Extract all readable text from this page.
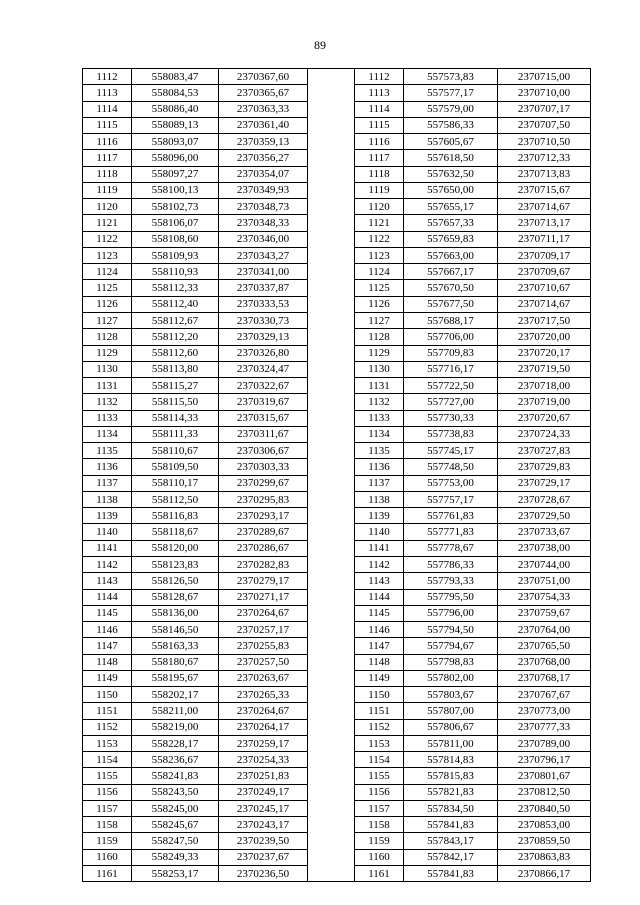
89
1112	558083,47	2370367,60		1112	557573,83	2370715,00
1113	558084,53	2370365,67		1113	557577,17	2370710,00
1114	558086,40	2370363,33		1114	557579,00	2370707,17
1115	558089,13	2370361,40		1115	557586,33	2370707,50
1116	558093,07	2370359,13		1116	557605,67	2370710,50
1117	558096,00	2370356,27		1117	557618,50	2370712,33
1118	558097,27	2370354,07		1118	557632,50	2370713,83
1119	558100,13	2370349,93		1119	557650,00	2370715,67
1120	558102,73	2370348,73		1120	557655,17	2370714,67
1121	558106,07	2370348,33		1121	557657,33	2370713,17
1122	558108,60	2370346,00		1122	557659,83	2370711,17
1123	558109,93	2370343,27		1123	557663,00	2370709,17
1124	558110,93	2370341,00		1124	557667,17	2370709,67
1125	558112,33	2370337,87		1125	557670,50	2370710,67
1126	558112,40	2370333,53		1126	557677,50	2370714,67
1127	558112,67	2370330,73		1127	557688,17	2370717,50
1128	558112,20	2370329,13		1128	557706,00	2370720,00
1129	558112,60	2370326,80		1129	557709,83	2370720,17
1130	558113,80	2370324,47		1130	557716,17	2370719,50
1131	558115,27	2370322,67		1131	557722,50	2370718,00
1132	558115,50	2370319,67		1132	557727,00	2370719,00
1133	558114,33	2370315,67		1133	557730,33	2370720,67
1134	558111,33	2370311,67		1134	557738,83	2370724,33
1135	558110,67	2370306,67		1135	557745,17	2370727,83
1136	558109,50	2370303,33		1136	557748,50	2370729,83
1137	558110,17	2370299,67		1137	557753,00	2370729,17
1138	558112,50	2370295,83		1138	557757,17	2370728,67
1139	558116,83	2370293,17		1139	557761,83	2370729,50
1140	558118,67	2370289,67		1140	557771,83	2370733,67
1141	558120,00	2370286,67		1141	557778,67	2370738,00
1142	558123,83	2370282,83		1142	557786,33	2370744,00
1143	558126,50	2370279,17		1143	557793,33	2370751,00
1144	558128,67	2370271,17		1144	557795,50	2370754,33
1145	558136,00	2370264,67		1145	557796,00	2370759,67
1146	558146,50	2370257,17		1146	557794,50	2370764,00
1147	558163,33	2370255,83		1147	557794,67	2370765,50
1148	558180,67	2370257,50		1148	557798,83	2370768,00
1149	558195,67	2370263,67		1149	557802,00	2370768,17
1150	558202,17	2370265,33		1150	557803,67	2370767,67
1151	558211,00	2370264,67		1151	557807,00	2370773,00
1152	558219,00	2370264,17		1152	557806,67	2370777,33
1153	558228,17	2370259,17		1153	557811,00	2370789,00
1154	558236,67	2370254,33		1154	557814,83	2370796,17
1155	558241,83	2370251,83		1155	557815,83	2370801,67
1156	558243,50	2370249,17		1156	557821,83	2370812,50
1157	558245,00	2370245,17		1157	557834,50	2370840,50
1158	558245,67	2370243,17		1158	557841,83	2370853,00
1159	558247,50	2370239,50		1159	557843,17	2370859,50
1160	558249,33	2370237,67		1160	557842,17	2370863,83
1161	558253,17	2370236,50		1161	557841,83	2370866,17
